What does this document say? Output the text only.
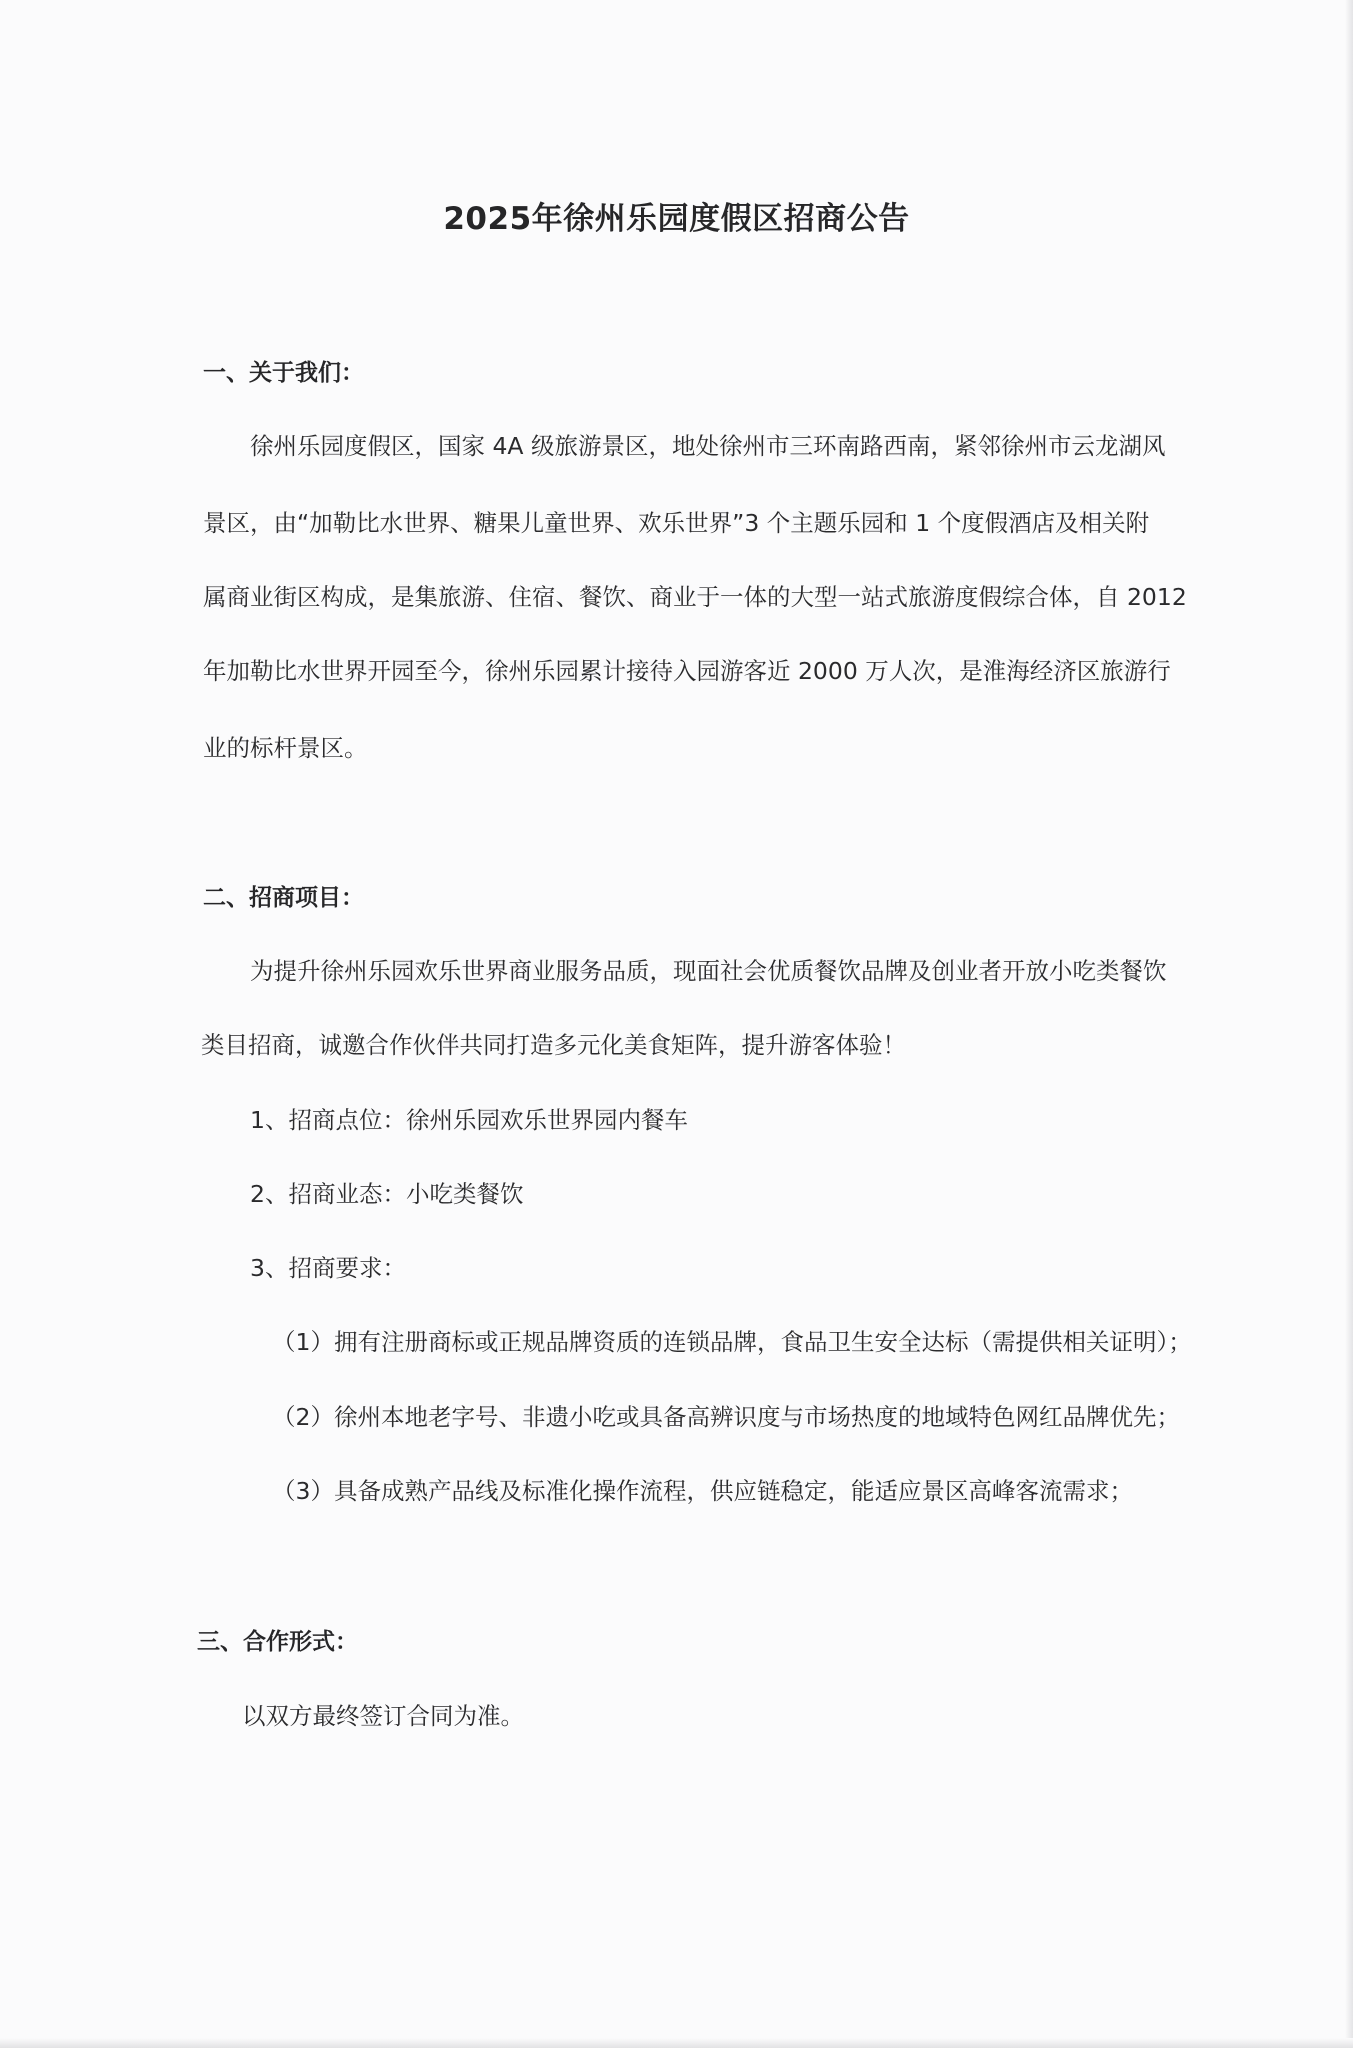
2025年徐州乐园度假区招商公告
一、关于我们：
徐州乐园度假区，国家 4A 级旅游景区，地处徐州市三环南路西南，紧邻徐州市云龙湖风
景区，由“加勒比水世界、糖果儿童世界、欢乐世界”3 个主题乐园和 1 个度假酒店及相关附
属商业街区构成，是集旅游、住宿、餐饮、商业于一体的大型一站式旅游度假综合体，自 2012
年加勒比水世界开园至今，徐州乐园累计接待入园游客近 2000 万人次，是淮海经济区旅游行
业的标杆景区。
二、招商项目：
为提升徐州乐园欢乐世界商业服务品质，现面社会优质餐饮品牌及创业者开放小吃类餐饮
类目招商，诚邀合作伙伴共同打造多元化美食矩阵，提升游客体验！
1、招商点位：徐州乐园欢乐世界园内餐车
2、招商业态：小吃类餐饮
3、招商要求：
（1）拥有注册商标或正规品牌资质的连锁品牌，食品卫生安全达标（需提供相关证明）；
（2）徐州本地老字号、非遗小吃或具备高辨识度与市场热度的地域特色网红品牌优先；
（3）具备成熟产品线及标准化操作流程，供应链稳定，能适应景区高峰客流需求；
三、合作形式：
以双方最终签订合同为准。
